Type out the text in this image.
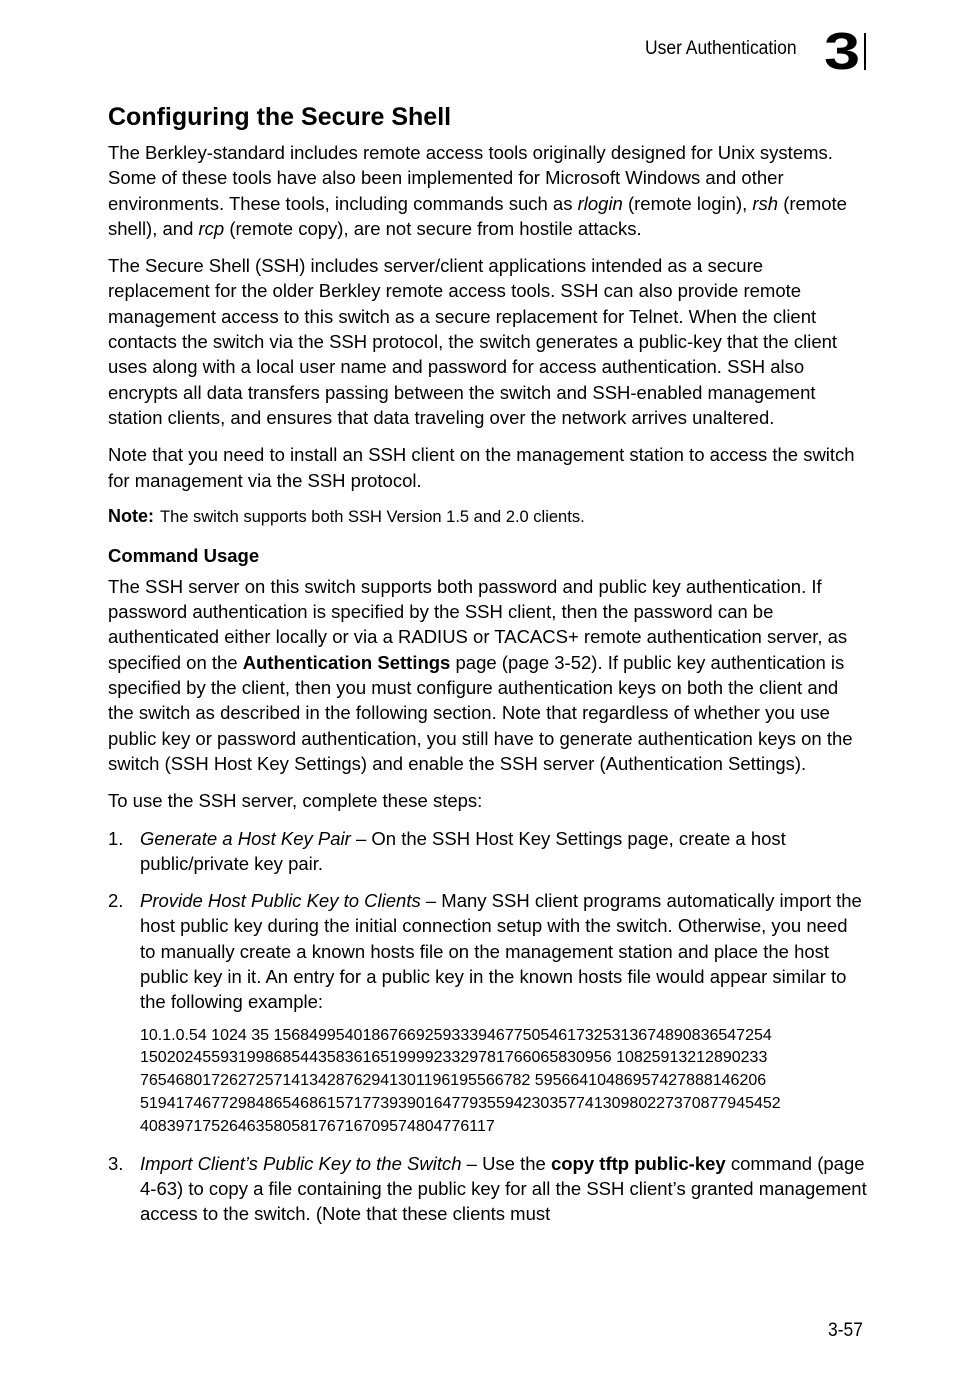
User Authentication 3
Configuring the Secure Shell

The Berkley-standard includes remote access tools originally designed for Unix systems. Some of these tools have also been implemented for Microsoft Windows and other environments. These tools, including commands such as rlogin (remote login), rsh (remote shell), and rcp (remote copy), are not secure from hostile attacks.

The Secure Shell (SSH) includes server/client applications intended as a secure replacement for the older Berkley remote access tools. SSH can also provide remote management access to this switch as a secure replacement for Telnet. When the client contacts the switch via the SSH protocol, the switch generates a public-key that the client uses along with a local user name and password for access authentication. SSH also encrypts all data transfers passing between the switch and SSH-enabled management station clients, and ensures that data traveling over the network arrives unaltered.

Note that you need to install an SSH client on the management station to access the switch for management via the SSH protocol.

Note: The switch supports both SSH Version 1.5 and 2.0 clients.
Command Usage

The SSH server on this switch supports both password and public key authentication. If password authentication is specified by the SSH client, then the password can be authenticated either locally or via a RADIUS or TACACS+ remote authentication server, as specified on the Authentication Settings page (page 3-52). If public key authentication is specified by the client, then you must configure authentication keys on both the client and the switch as described in the following section. Note that regardless of whether you use public key or password authentication, you still have to generate authentication keys on the switch (SSH Host Key Settings) and enable the SSH server (Authentication Settings).

To use the SSH server, complete these steps:

1. Generate a Host Key Pair – On the SSH Host Key Settings page, create a host public/private key pair.
2. Provide Host Public Key to Clients – Many SSH client programs automatically import the host public key during the initial connection setup with the switch. Otherwise, you need to manually create a known hosts file on the management station and place the host public key in it. An entry for a public key in the known hosts file would appear similar to the following example:
10.1.0.54 1024 35 15684995401867669259333946775054617325313674890836547254
15020245593199868544358361651999923329781766065830956 10825913212890233
76546801726272571413428762941301196195566782 59566410486957427888146206
51941746772984865468615717739390164779355942303577413098022737087794545​2
4083971752646358058176716709574804776117
3. Import Client’s Public Key to the Switch – Use the copy tftp public-key command (page 4-63) to copy a file containing the public key for all the SSH client’s granted management access to the switch. (Note that these clients must
3-57
